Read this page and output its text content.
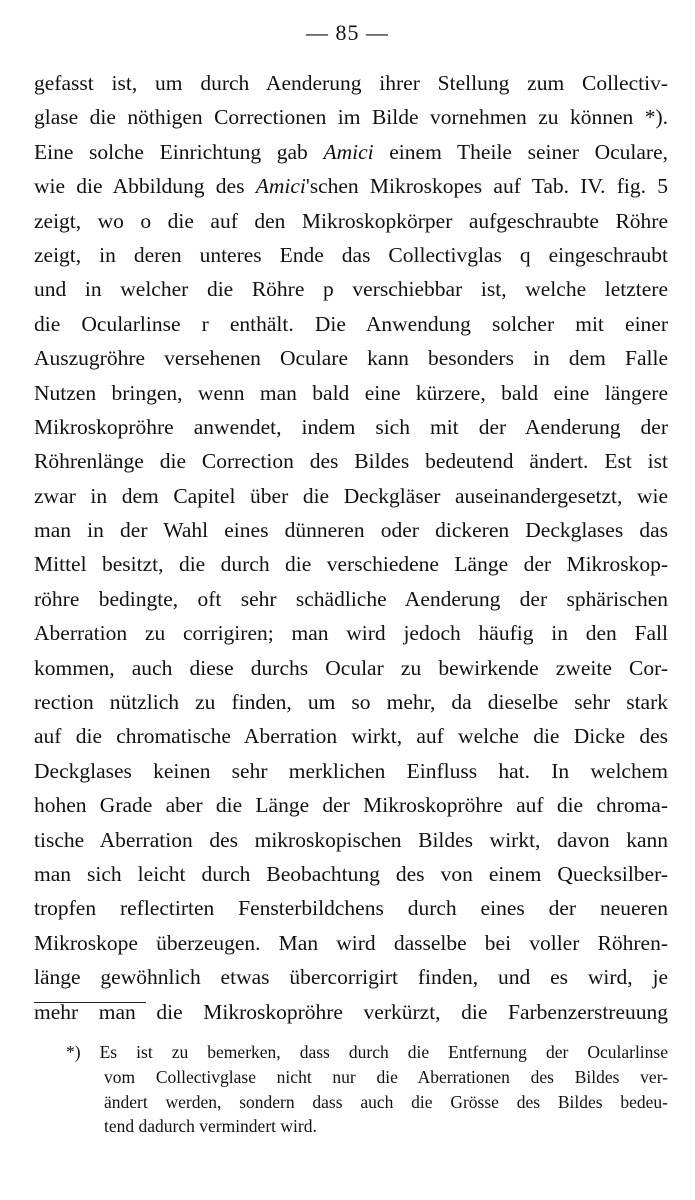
— 85 —
gefasst ist, um durch Aenderung ihrer Stellung zum Collectiv-
glase die nöthigen Correctionen im Bilde vornehmen zu können *).
Eine solche Einrichtung gab Amici einem Theile seiner Oculare,
wie die Abbildung des Amici'schen Mikroskopes auf Tab. IV. fig. 5
zeigt, wo o die auf den Mikroskopkörper aufgeschraubte Röhre
zeigt, in deren unteres Ende das Collectivglas q eingeschraubt
und in welcher die Röhre p verschiebbar ist, welche letztere
die Ocularlinse r enthält. Die Anwendung solcher mit einer
Auszugröhre versehenen Oculare kann besonders in dem Falle
Nutzen bringen, wenn man bald eine kürzere, bald eine längere
Mikroskopröhre anwendet, indem sich mit der Aenderung der
Röhrenlänge die Correction des Bildes bedeutend ändert. Est ist
zwar in dem Capitel über die Deckgläser auseinandergesetzt, wie
man in der Wahl eines dünneren oder dickeren Deckglases das
Mittel besitzt, die durch die verschiedene Länge der Mikroskop-
röhre bedingte, oft sehr schädliche Aenderung der sphärischen
Aberration zu corrigiren; man wird jedoch häufig in den Fall
kommen, auch diese durchs Ocular zu bewirkende zweite Cor-
rection nützlich zu finden, um so mehr, da dieselbe sehr stark
auf die chromatische Aberration wirkt, auf welche die Dicke des
Deckglases keinen sehr merklichen Einfluss hat. In welchem
hohen Grade aber die Länge der Mikroskopröhre auf die chroma-
tische Aberration des mikroskopischen Bildes wirkt, davon kann
man sich leicht durch Beobachtung des von einem Quecksilber-
tropfen reflectirten Fensterbildchens durch eines der neueren
Mikroskope überzeugen. Man wird dasselbe bei voller Röhren-
länge gewöhnlich etwas übercorrigirt finden, und es wird, je
mehr man die Mikroskopröhre verkürzt, die Farbenzerstreuung
*) Es ist zu bemerken, dass durch die Entfernung der Ocularlinse
vom Collectivglase nicht nur die Aberrationen des Bildes ver-
ändert werden, sondern dass auch die Grösse des Bildes bedeu-
tend dadurch vermindert wird.
